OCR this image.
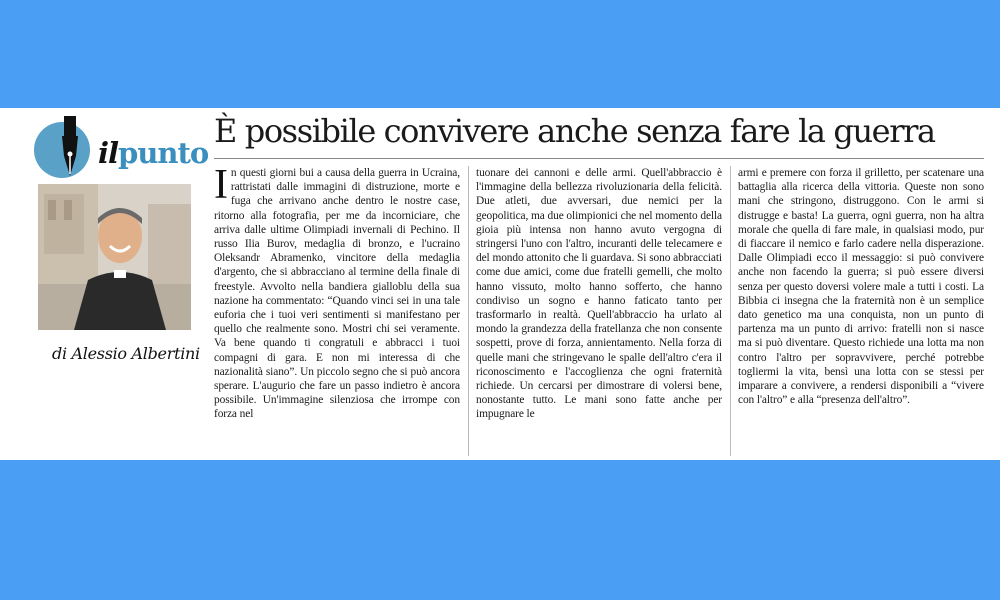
ilpunto
di Alessio Albertini
È possibile convivere anche senza fare la guerra

In questi giorni bui a causa della guerra in Ucraina, rattristati dalle immagini di distruzione, morte e fuga che arrivano anche dentro le nostre case, ritorno alla fotografia, per me da incorniciare, che arriva dalle ultime Olimpiadi invernali di Pechino. Il russo Ilia Burov, medaglia di bronzo, e l'ucraino Oleksandr Abramenko, vincitore della medaglia d'argento, che si abbracciano al termine della finale di freestyle. Avvolto nella bandiera gialloblu della sua nazione ha commentato: “Quando vinci sei in una tale euforia che i tuoi veri sentimenti si manifestano per quello che realmente sono. Mostri chi sei veramente. Va bene quando ti congratuli e abbracci i tuoi compagni di gara. E non mi interessa di che nazionalità siano”. Un piccolo segno che si può ancora sperare. L'augurio che fare un passo indietro è ancora possibile. Un'immagine silenziosa che irrompe con forza nel

tuonare dei cannoni e delle armi. Quell'abbraccio è l'immagine della bellezza rivoluzionaria della felicità. Due atleti, due avversari, due nemici per la geopolitica, ma due olimpionici che nel momento della gioia più intensa non hanno avuto vergogna di stringersi l'uno con l'altro, incuranti delle telecamere e del mondo attonito che li guardava. Si sono abbracciati come due amici, come due fratelli gemelli, che molto hanno vissuto, molto hanno sofferto, che hanno condiviso un sogno e hanno faticato tanto per trasformarlo in realtà. Quell'abbraccio ha urlato al mondo la grandezza della fratellanza che non consente sospetti, prove di forza, annientamento. Nella forza di quelle mani che stringevano le spalle dell'altro c'era il riconoscimento e l'accoglienza che ogni fraternità richiede. Un cercarsi per dimostrare di volersi bene, nonostante tutto. Le mani sono fatte anche per impugnare le

armi e premere con forza il grilletto, per scatenare una battaglia alla ricerca della vittoria. Queste non sono mani che stringono, distruggono. Con le armi si distrugge e basta! La guerra, ogni guerra, non ha altra morale che quella di fare male, in qualsiasi modo, pur di fiaccare il nemico e farlo cadere nella disperazione. Dalle Olimpiadi ecco il messaggio: si può convivere anche non facendo la guerra; si può essere diversi senza per questo doversi volere male a tutti i costi. La Bibbia ci insegna che la fraternità non è un semplice dato genetico ma una conquista, non un punto di partenza ma un punto di arrivo: fratelli non si nasce ma si può diventare. Questo richiede una lotta ma non contro l'altro per sopravvivere, perché potrebbe togliermi la vita, bensì una lotta con se stessi per imparare a convivere, a rendersi disponibili a “vivere con l'altro” e alla “presenza dell'altro”.
